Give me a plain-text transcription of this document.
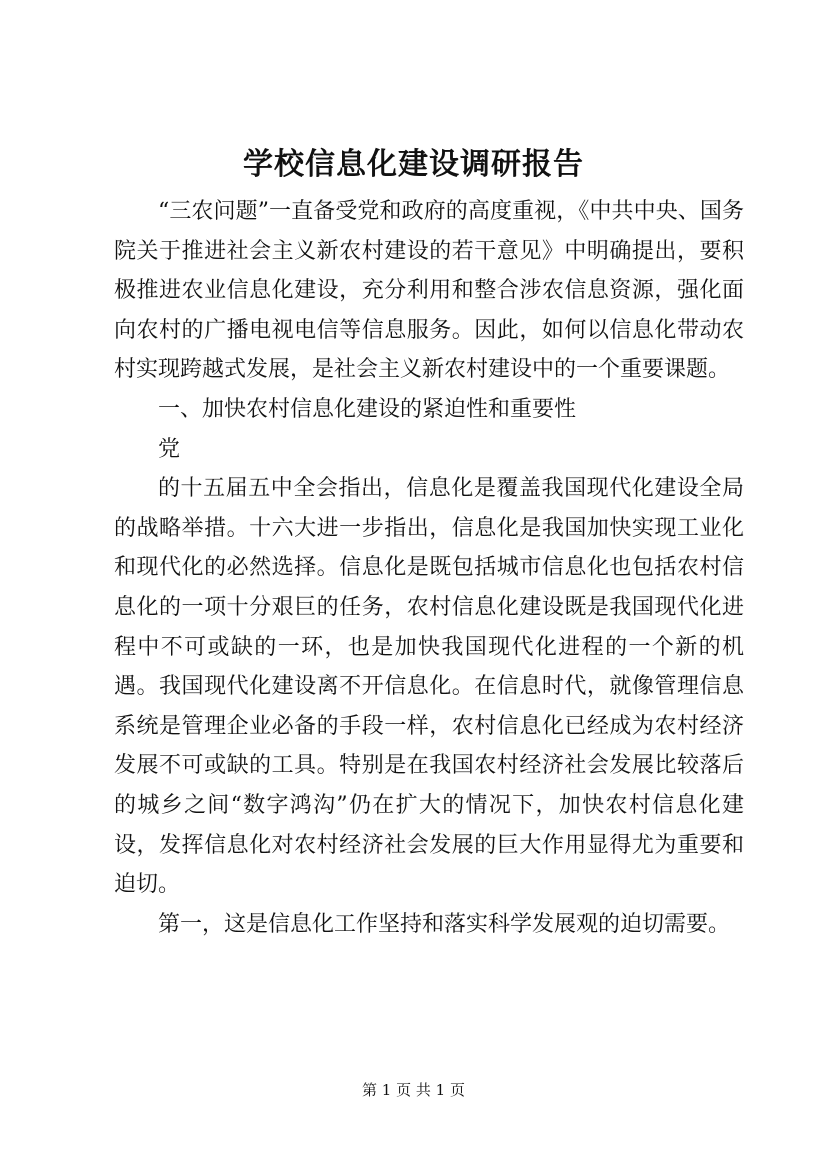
学校信息化建设调研报告

“三农问题”一直备受党和政府的高度重视，《中共中央、国务院关于推进社会主义新农村建设的若干意见》中明确提出，要积极推进农业信息化建设，充分利用和整合涉农信息资源，强化面向农村的广播电视电信等信息服务。因此，如何以信息化带动农村实现跨越式发展，是社会主义新农村建设中的一个重要课题。

一、加快农村信息化建设的紧迫性和重要性

党

的十五届五中全会指出，信息化是覆盖我国现代化建设全局的战略举措。十六大进一步指出，信息化是我国加快实现工业化和现代化的必然选择。信息化是既包括城市信息化也包括农村信息化的一项十分艰巨的任务，农村信息化建设既是我国现代化进程中不可或缺的一环，也是加快我国现代化进程的一个新的机遇。我国现代化建设离不开信息化。在信息时代，就像管理信息系统是管理企业必备的手段一样，农村信息化已经成为农村经济发展不可或缺的工具。特别是在我国农村经济社会发展比较落后的城乡之间“数字鸿沟”仍在扩大的情况下，加快农村信息化建设，发挥信息化对农村经济社会发展的巨大作用显得尤为重要和迫切。

第一，这是信息化工作坚持和落实科学发展观的迫切需要。

第 1 页 共 1 页
